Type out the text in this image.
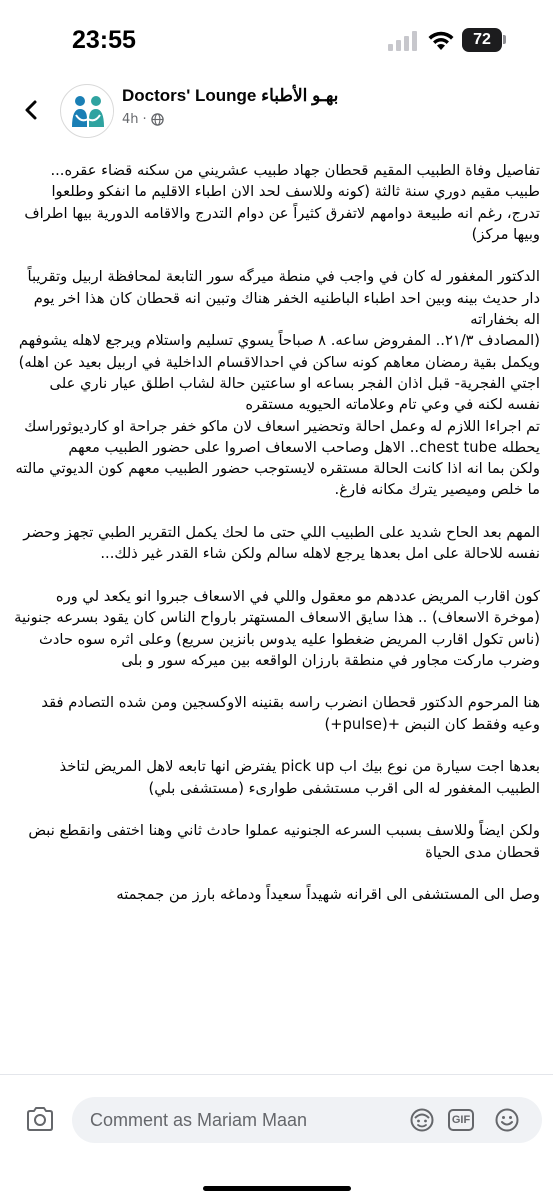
23:55	72
Doctors' Lounge بهـو الأطباء
4h ·

تفاصيل وفاة الطبيب المقيم قحطان جهاد طبيب عشريني من سكنه قضاء عقره... طبيب مقيم دوري سنة ثالثة (كونه وللاسف لحد الان اطباء الاقليم ما انفكو وطلعوا تدرج، رغم انه طبيعة دوامهم لاتفرق كثيراً عن دوام التدرج والاقامه الدورية بيها اطراف وبيها مركز)

الدكتور المغفور له كان في واجب في منطة ميرگه سور التابعة لمحافظة اربيل وتقريباً دار حديث بينه وبين احد اطباء الباطنيه الخفر هناك وتبين انه قحطان كان هذا اخر يوم اله بخفاراته
(المصادف ٢١/٣.. المفروض ساعه. ٨ صباحاً يسوي تسليم واستلام ويرجع لاهله يشوفهم ويكمل بقية رمضان معاهم كونه ساكن في احدالاقسام الداخلية في اربيل بعيد عن اهله)
اجتي الفجرية- قبل اذان الفجر بساعه او ساعتين حالة لشاب اطلق عيار ناري على نفسه لكنه في وعي تام وعلاماته الحيويه مستقره
تم اجراءا اللازم له وعمل احالة وتحضير اسعاف لان ماكو خفر جراحة او كارديوثوراسك يحطله chest tube.. الاهل وصاحب الاسعاف اصروا على حضور الطبيب معهم
ولكن بما انه اذا كانت الحالة مستقره لايستوجب حضور الطبيب معهم كون الديوتي مالته ما خلص وميصير يترك مكانه فارغ.

المهم بعد الحاح شديد على الطبيب اللي حتى ما لحك يكمل التقرير الطبي تجهز وحضر نفسه للاحالة على امل بعدها يرجع لاهله سالم ولكن شاء القدر غير ذلك...

كون اقارب المريض عددهم مو معقول واللي في الاسعاف جبروا انو يكعد لي وره (موخرة الاسعاف) .. هذا سايق الاسعاف المستهتر بارواح الناس كان يقود بسرعه جنونية (ناس تكول اقارب المريض ضغطوا عليه يدوس بانزين سريع) وعلى اثره سوه حادث وضرب ماركت مجاور في منطقة بارزان الواقعه بين ميرکه سور و بلى

هنا المرحوم الدكتور قحطان انضرب راسه بقنينه الاوكسجين ومن شده التصادم فقد وعيه وفقط كان النبض +(pulse+)

بعدها اجت سيارة من نوع بيك اب pick up يفترض انها تابعه لاهل المريض لتاخذ الطبيب المغفور له الى اقرب مستشفى طوارىء (مستشفى بلي)

ولكن ايضاً وللاسف بسبب السرعه الجنونيه عملوا حادث ثاني وهنا اختفى وانقطع نبض قحطان مدى الحياة

وصل الى المستشفى الى اقرانه شهيداً سعيداً ودماغه بارز من جمجمته

Comment as Mariam Maan	GIF
